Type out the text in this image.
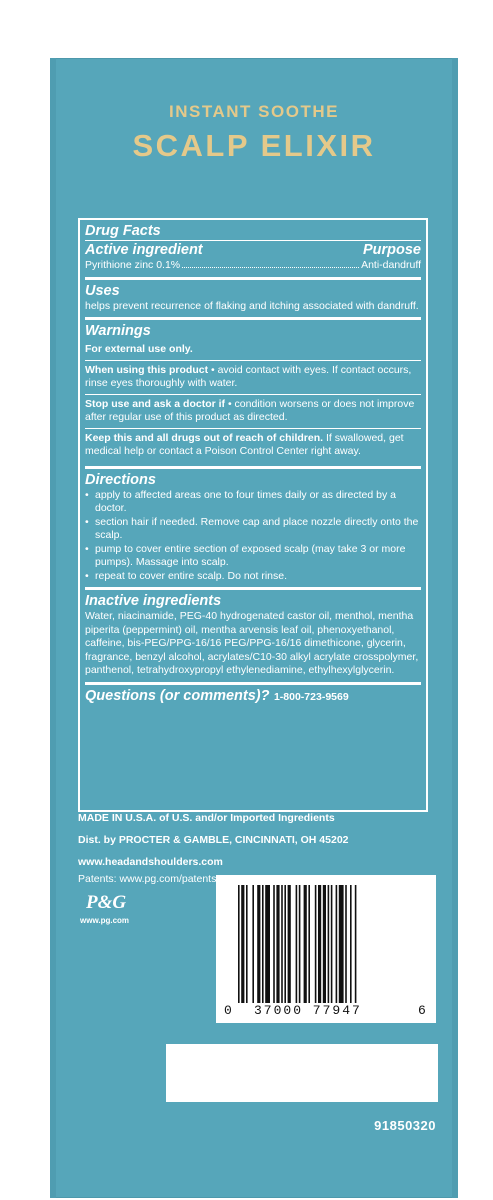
INSTANT SOOTHE
SCALP ELIXIR
Drug Facts
Active ingredient	Purpose
Pyrithione zinc 0.1%	Anti-dandruff
Uses
helps prevent recurrence of flaking and itching associated with dandruff.
Warnings
For external use only.
When using this product • avoid contact with eyes. If contact occurs, rinse eyes thoroughly with water.
Stop use and ask a doctor if • condition worsens or does not improve after regular use of this product as directed.
Keep this and all drugs out of reach of children. If swallowed, get medical help or contact a Poison Control Center right away.
Directions
• apply to affected areas one to four times daily or as directed by a doctor.
• section hair if needed. Remove cap and place nozzle directly onto the scalp.
• pump to cover entire section of exposed scalp (may take 3 or more pumps). Massage into scalp.
• repeat to cover entire scalp. Do not rinse.
Inactive ingredients
Water, niacinamide, PEG-40 hydrogenated castor oil, menthol, mentha piperita (peppermint) oil, mentha arvensis leaf oil, phenoxyethanol, caffeine, bis-PEG/PPG-16/16 PEG/PPG-16/16 dimethicone, glycerin, fragrance, benzyl alcohol, acrylates/C10-30 alkyl acrylate crosspolymer, panthenol, tetrahydroxypropyl ethylenediamine, ethylhexylglycerin.
Questions (or comments)? 1-800-723-9569
MADE IN U.S.A. of U.S. and/or Imported Ingredients
Dist. by PROCTER & GAMBLE, CINCINNATI, OH 45202
www.headandshoulders.com
Patents: www.pg.com/patents
P&G
www.pg.com
0 37000 77947	6
91850320
